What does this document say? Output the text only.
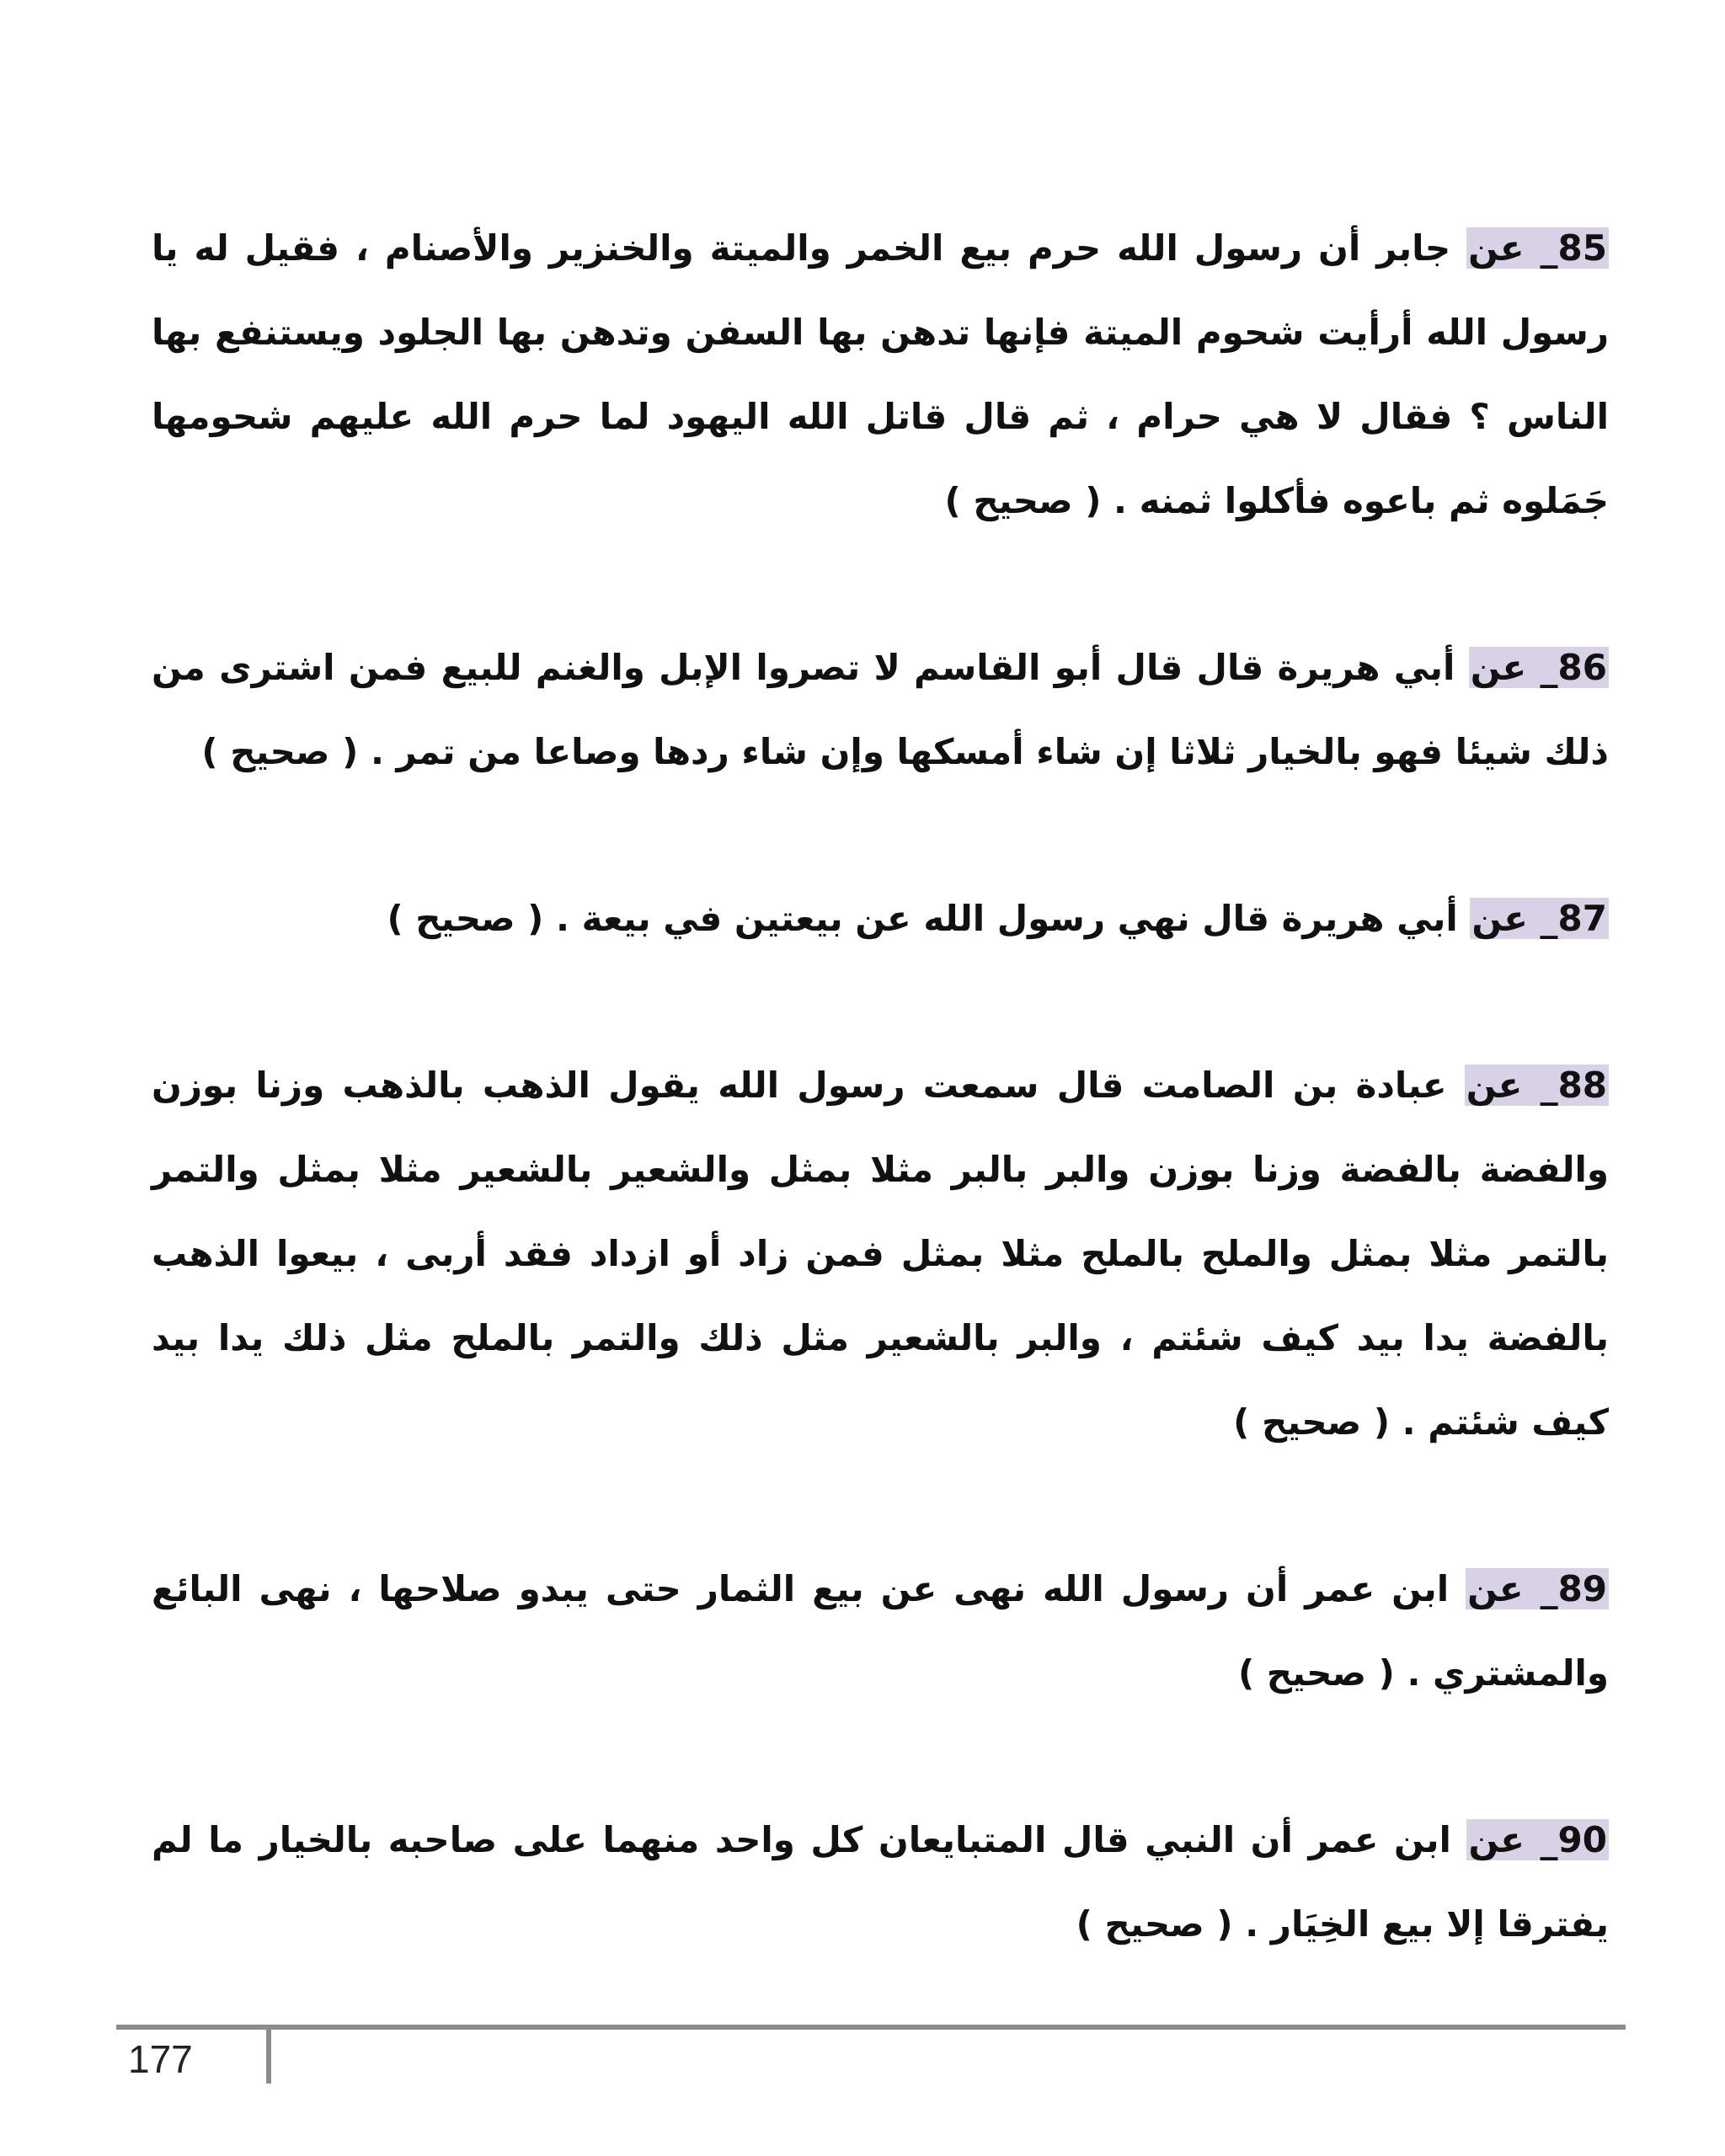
85_ عن جابر أن رسول الله حرم بيع الخمر والميتة والخنزير والأصنام ، فقيل له يا رسول الله أرأيت شحوم الميتة فإنها تدهن بها السفن وتدهن بها الجلود ويستنفع بها الناس ؟ فقال لا هي حرام ، ثم قال قاتل الله اليهود لما حرم الله عليهم شحومها جَمَلوه ثم باعوه فأكلوا ثمنه . ( صحيح )

86_ عن أبي هريرة قال قال أبو القاسم لا تصروا الإبل والغنم للبيع فمن اشترى من ذلك شيئا فهو بالخيار ثلاثا إن شاء أمسكها وإن شاء ردها وصاعا من تمر . ( صحيح )

87_ عن أبي هريرة قال نهي رسول الله عن بيعتين في بيعة . ( صحيح )

88_ عن عبادة بن الصامت قال سمعت رسول الله يقول الذهب بالذهب وزنا بوزن والفضة بالفضة وزنا بوزن والبر بالبر مثلا بمثل والشعير بالشعير مثلا بمثل والتمر بالتمر مثلا بمثل والملح بالملح مثلا بمثل فمن زاد أو ازداد فقد أربى ، بيعوا الذهب بالفضة يدا بيد كيف شئتم ، والبر بالشعير مثل ذلك والتمر بالملح مثل ذلك يدا بيد كيف شئتم . ( صحيح )

89_ عن ابن عمر أن رسول الله نهى عن بيع الثمار حتى يبدو صلاحها ، نهى البائع والمشتري . ( صحيح )

90_ عن ابن عمر أن النبي قال المتبايعان كل واحد منهما على صاحبه بالخيار ما لم يفترقا إلا بيع الخِيَار . ( صحيح )

177
